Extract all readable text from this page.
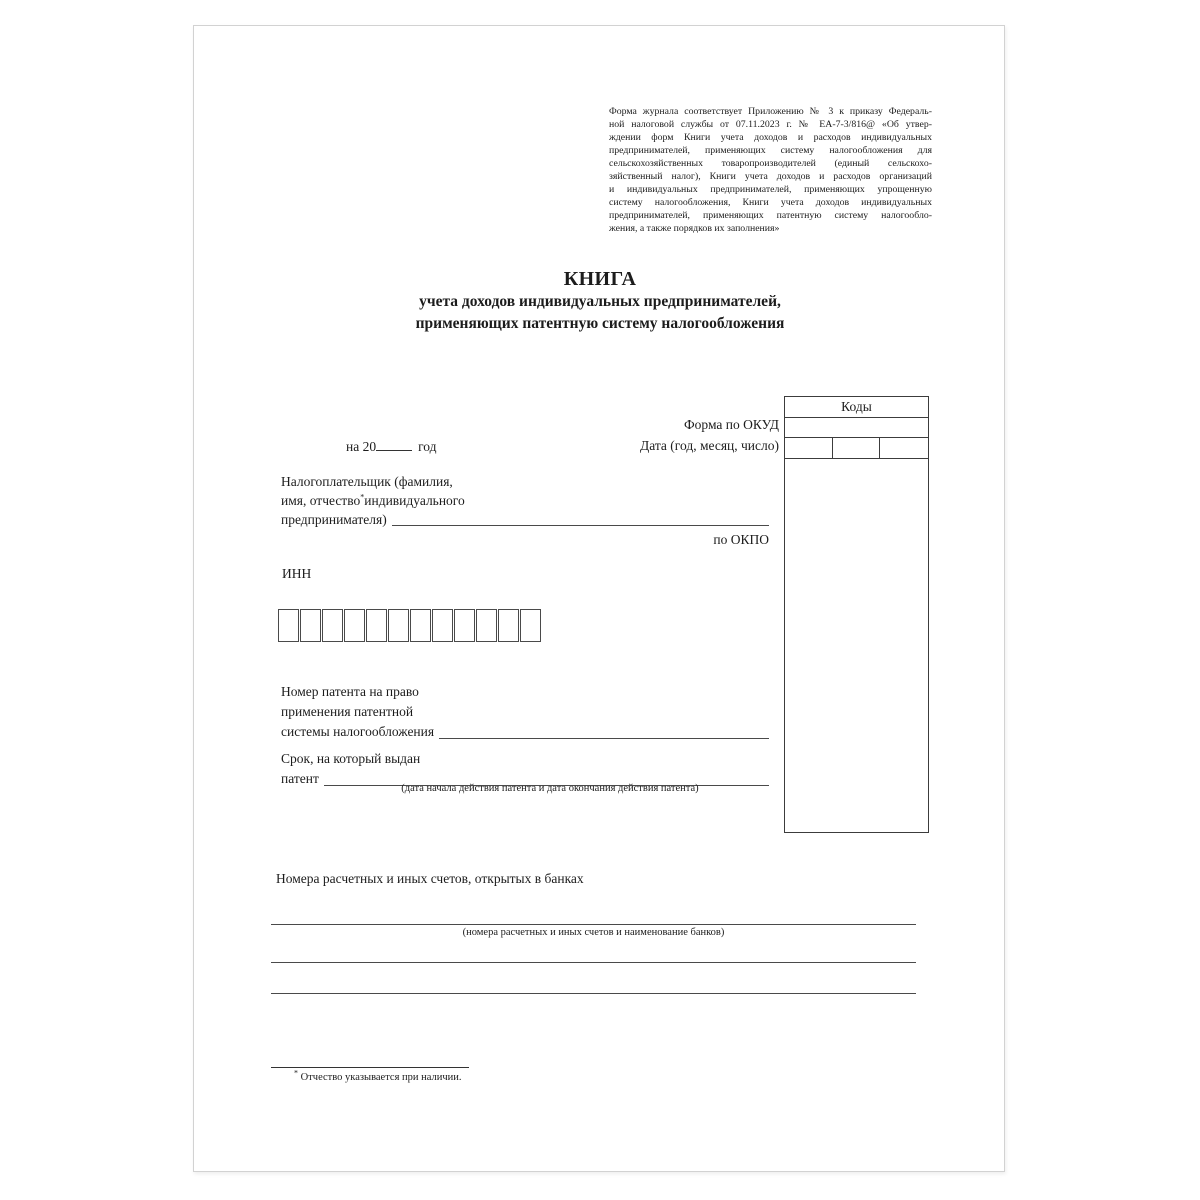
Форма журнала соответствует Приложению № 3 к приказу Федераль-
ной налоговой службы от 07.11.2023 г. № ЕА-7-3/816@ «Об утвер-
ждении форм Книги учета доходов и расходов индивидуальных
предпринимателей, применяющих систему налогообложения для
сельскохозяйственных товаропроизводителей (единый сельскохо-
зяйственный налог), Книги учета доходов и расходов организаций
и индивидуальных предпринимателей, применяющих упрощенную
систему налогообложения, Книги учета доходов индивидуальных
предпринимателей, применяющих патентную систему налогообло-
жения, а также порядков их заполнения»
КНИГА
учета доходов индивидуальных предпринимателей,
применяющих патентную систему налогообложения
Коды
Форма по ОКУД
Дата (год, месяц, число)
по ОКПО
на 20	год
Налогоплательщик (фамилия,
имя, отчество*индивидуального
предпринимателя)
ИНН
Номер патента на право
применения патентной
системы налогообложения
Срок, на который выдан
патент
(дата начала действия патента и дата окончания действия патента)
Номера расчетных и иных счетов, открытых в банках
(номера расчетных и иных счетов и наименование банков)
* Отчество указывается при наличии.
